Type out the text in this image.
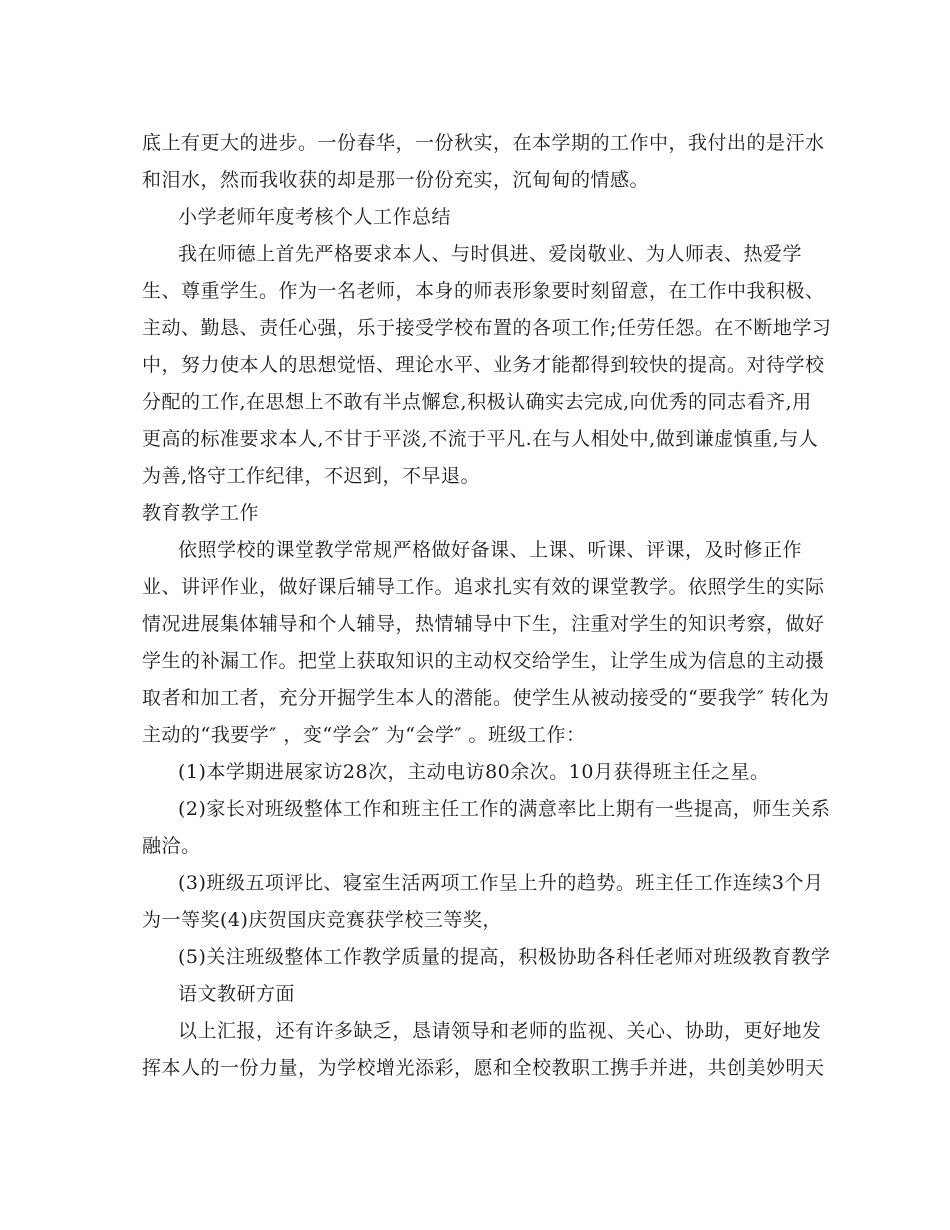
底上有更大的进步。一份春华，一份秋实，在本学期的工作中，我付出的是汗水
和泪水，然而我收获的却是那一份份充实，沉甸甸的情感。
小学老师年度考核个人工作总结
我在师德上首先严格要求本人、与时俱进、爱岗敬业、为人师表、热爱学
生、尊重学生。作为一名老师，本身的师表形象要时刻留意，在工作中我积极、
主动、勤恳、责任心强，乐于接受学校布置的各项工作;任劳任怨。在不断地学习
中，努力使本人的思想觉悟、理论水平、业务才能都得到较快的提高。对待学校
分配的工作,在思想上不敢有半点懈怠,积极认确实去完成,向优秀的同志看齐,用
更高的标准要求本人,不甘于平淡,不流于平凡.在与人相处中,做到谦虚慎重,与人
为善,恪守工作纪律，不迟到，不早退。
教育教学工作
依照学校的课堂教学常规严格做好备课、上课、听课、评课，及时修正作
业、讲评作业，做好课后辅导工作。追求扎实有效的课堂教学。依照学生的实际
情况进展集体辅导和个人辅导，热情辅导中下生，注重对学生的知识考察，做好
学生的补漏工作。把堂上获取知识的主动权交给学生，让学生成为信息的主动摄
取者和加工者，充分开掘学生本人的潜能。使学生从被动接受的“要我学″ 转化为
主动的“我要学″ ，变“学会″ 为“会学″ 。班级工作：
(1)本学期进展家访28次，主动电访80余次。10月获得班主任之星。
(2)家长对班级整体工作和班主任工作的满意率比上期有一些提高，师生关系
融洽。
(3)班级五项评比、寝室生活两项工作呈上升的趋势。班主任工作连续3个月
为一等奖(4)庆贺国庆竞赛获学校三等奖，
(5)关注班级整体工作教学质量的提高，积极协助各科任老师对班级教育教学
语文教研方面
以上汇报，还有许多缺乏，恳请领导和老师的监视、关心、协助，更好地发
挥本人的一份力量，为学校增光添彩，愿和全校教职工携手并进，共创美妙明天
